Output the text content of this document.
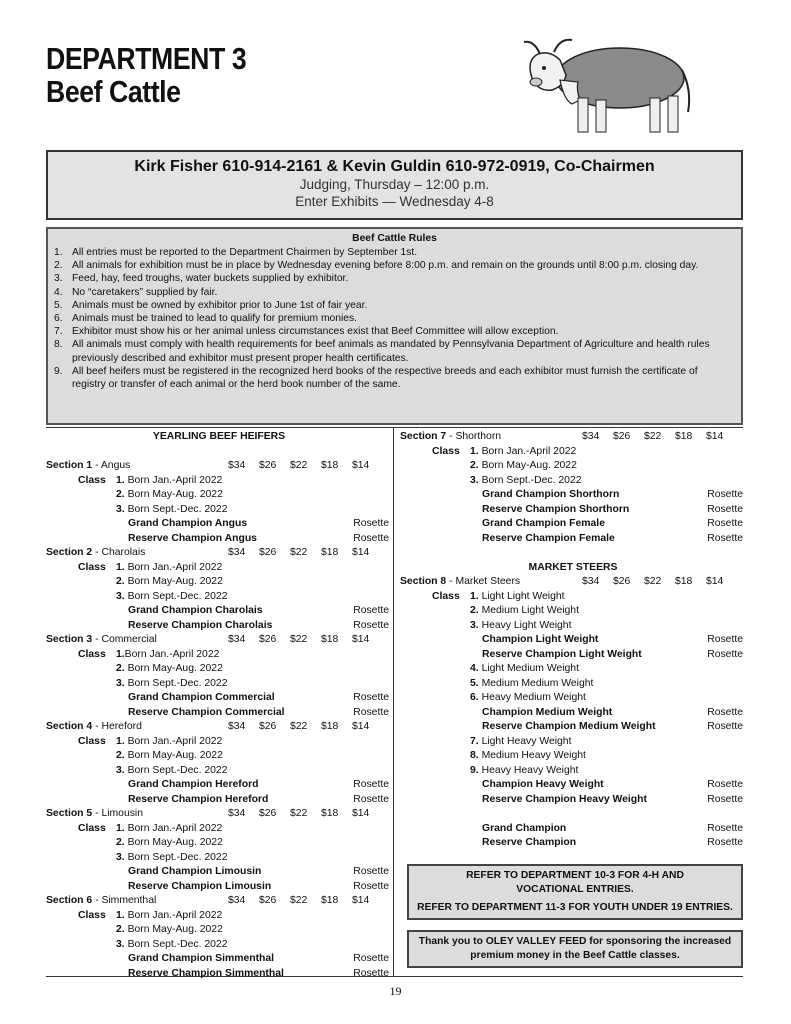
DEPARTMENT 3
Beef Cattle
Kirk Fisher 610-914-2161 & Kevin Guldin 610-972-0919, Co-Chairmen
Judging, Thursday – 12:00 p.m.
Enter Exhibits — Wednesday 4-8
Beef Cattle Rules
1. All entries must be reported to the Department Chairmen by September 1st.
2. All animals for exhibition must be in place by Wednesday evening before 8:00 p.m. and remain on the grounds until 8:00 p.m. closing day.
3. Feed, hay, feed troughs, water buckets supplied by exhibitor.
4. No “caretakers” supplied by fair.
5. Animals must be owned by exhibitor prior to June 1st of fair year.
6. Animals must be trained to lead to qualify for premium monies.
7. Exhibitor must show his or her animal unless circumstances exist that Beef Committee will allow exception.
8. All animals must comply with health requirements for beef animals as mandated by Pennsylvania Department of Agriculture and health rules previously described and exhibitor must present proper health certificates.
9. All beef heifers must be registered in the recognized herd books of the respective breeds and each exhibitor must furnish the certificate of registry or transfer of each animal or the herd book number of the same.
YEARLING BEEF HEIFERS
Section 1 - Angus	$34 $26 $22 $18 $14
Class 1. Born Jan.-April 2022
2. Born May-Aug. 2022
3. Born Sept.-Dec. 2022
Grand Champion Angus	Rosette
Reserve Champion Angus	Rosette
Section 2 - Charolais	$34 $26 $22 $18 $14
Class 1. Born Jan.-April 2022
2. Born May-Aug. 2022
3. Born Sept.-Dec. 2022
Grand Champion Charolais	Rosette
Reserve Champion Charolais	Rosette
Section 3 - Commercial	$34 $26 $22 $18 $14
Class 1.Born Jan.-April 2022
2. Born May-Aug. 2022
3. Born Sept.-Dec. 2022
Grand Champion Commercial	Rosette
Reserve Champion Commercial	Rosette
Section 4 - Hereford	$34 $26 $22 $18 $14
Class 1. Born Jan.-April 2022
2. Born May-Aug. 2022
3. Born Sept.-Dec. 2022
Grand Champion Hereford	Rosette
Reserve Champion Hereford	Rosette
Section 5 - Limousin	$34 $26 $22 $18 $14
Class 1. Born Jan.-April 2022
2. Born May-Aug. 2022
3. Born Sept.-Dec. 2022
Grand Champion Limousin	Rosette
Reserve Champion Limousin	Rosette
Section 6 - Simmenthal	$34 $26 $22 $18 $14
Class 1. Born Jan.-April 2022
2. Born May-Aug. 2022
3. Born Sept.-Dec. 2022
Grand Champion Simmenthal	Rosette
Reserve Champion Simmenthal	Rosette
Section 7 - Shorthorn	$34 $26 $22 $18 $14
Class 1. Born Jan.-April 2022
2. Born May-Aug. 2022
3. Born Sept.-Dec. 2022
Grand Champion Shorthorn	Rosette
Reserve Champion Shorthorn	Rosette
Grand Champion Female	Rosette
Reserve Champion Female	Rosette
MARKET STEERS
Section 8 - Market Steers	$34 $26 $22 $18 $14
Class 1. Light Light Weight
2. Medium Light Weight
3. Heavy Light Weight
Champion Light Weight	Rosette
Reserve Champion Light Weight	Rosette
4. Light Medium Weight
5. Medium Medium Weight
6. Heavy Medium Weight
Champion Medium Weight	Rosette
Reserve Champion Medium Weight	Rosette
7. Light Heavy Weight
8. Medium Heavy Weight
9. Heavy Heavy Weight
Champion Heavy Weight	Rosette
Reserve Champion Heavy Weight	Rosette
Grand Champion	Rosette
Reserve Champion	Rosette
REFER TO DEPARTMENT 10-3 FOR 4-H AND
VOCATIONAL ENTRIES.
REFER TO DEPARTMENT 11-3 FOR YOUTH UNDER 19 ENTRIES.
Thank you to OLEY VALLEY FEED for sponsoring the increased
premium money in the Beef Cattle classes.
19
